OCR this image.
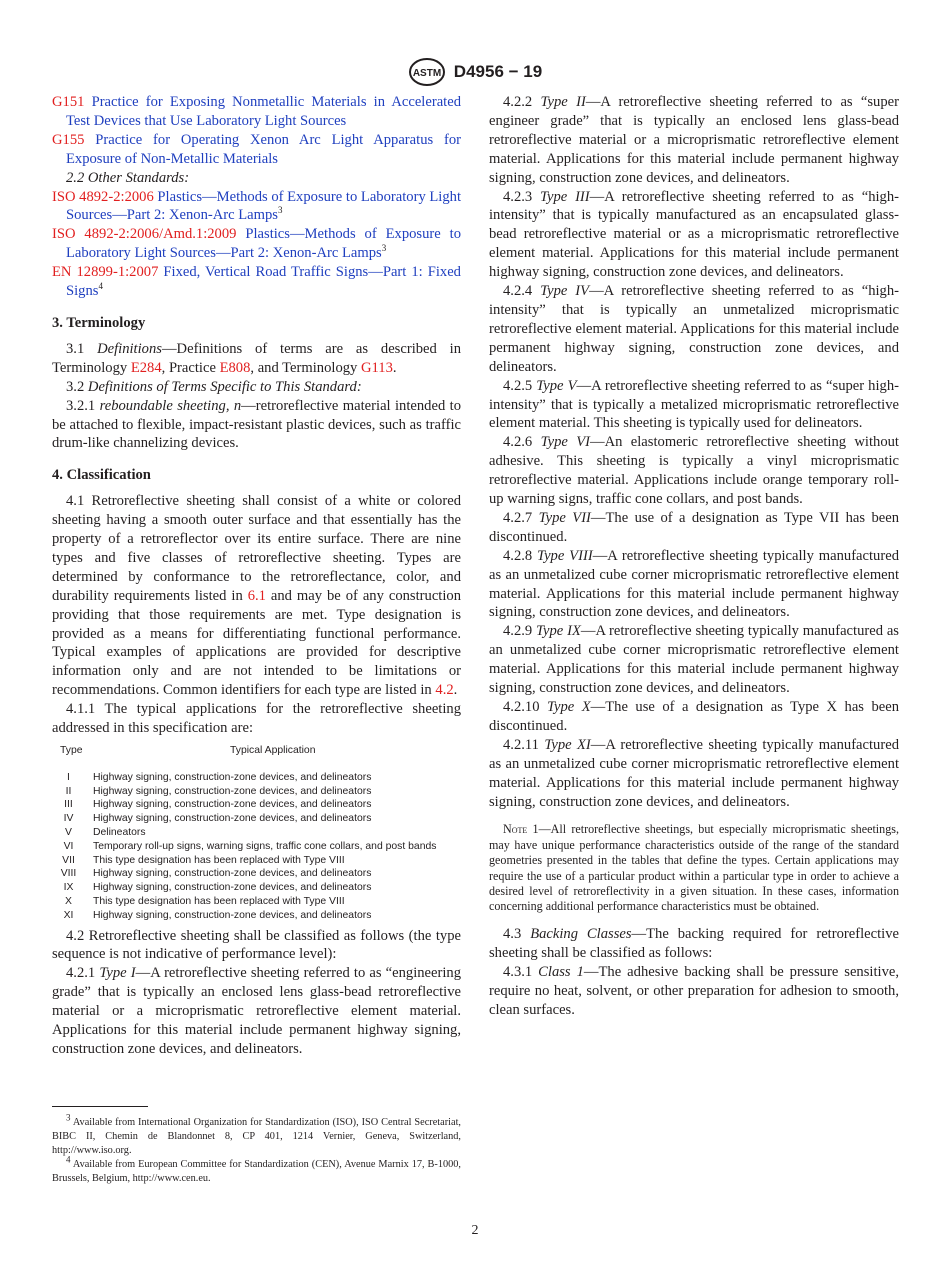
ASTM D4956 − 19

G151 Practice for Exposing Nonmetallic Materials in Accelerated Test Devices that Use Laboratory Light Sources

G155 Practice for Operating Xenon Arc Light Apparatus for Exposure of Non-Metallic Materials

2.2 Other Standards:

ISO 4892-2:2006 Plastics—Methods of Exposure to Laboratory Light Sources—Part 2: Xenon-Arc Lamps$^3$

ISO 4892-2:2006/Amd.1:2009 Plastics—Methods of Exposure to Laboratory Light Sources—Part 2: Xenon-Arc Lamps$^3$

EN 12899-1:2007 Fixed, Vertical Road Traffic Signs—Part 1: Fixed Signs$^4$

3. Terminology

3.1 Definitions—Definitions of terms are as described in Terminology E284, Practice E808, and Terminology G113.

3.2 Definitions of Terms Specific to This Standard:

3.2.1 reboundable sheeting, n—retroreflective material intended to be attached to flexible, impact-resistant plastic devices, such as traffic drum-like channelizing devices.

4. Classification

4.1 Retroreflective sheeting shall consist of a white or colored sheeting having a smooth outer surface and that essentially has the property of a retroreflector over its entire surface. There are nine types and five classes of retroreflective sheeting. Types are determined by conformance to the retroreflectance, color, and durability requirements listed in 6.1 and may be of any construction providing that those requirements are met. Type designation is provided as a means for differentiating functional performance. Typical examples of applications are provided for descriptive information only and are not intended to be limitations or recommendations. Common identifiers for each type are listed in 4.2.

4.1.1 The typical applications for the retroreflective sheeting addressed in this specification are:

Type	Typical Application
I	Highway signing, construction-zone devices, and delineators
II	Highway signing, construction-zone devices, and delineators
III	Highway signing, construction-zone devices, and delineators
IV	Highway signing, construction-zone devices, and delineators
V	Delineators
VI	Temporary roll-up signs, warning signs, traffic cone collars, and post bands
VII	This type designation has been replaced with Type VIII
VIII	Highway signing, construction-zone devices, and delineators
IX	Highway signing, construction-zone devices, and delineators
X	This type designation has been replaced with Type VIII
XI	Highway signing, construction-zone devices, and delineators

4.2 Retroreflective sheeting shall be classified as follows (the type sequence is not indicative of performance level):

4.2.1 Type I—A retroreflective sheeting referred to as “engineering grade” that is typically an enclosed lens glass-bead retroreflective material or a microprismatic retroreflective element material. Applications for this material include permanent highway signing, construction zone devices, and delineators.

4.2.2 Type II—A retroreflective sheeting referred to as “super engineer grade” that is typically an enclosed lens glass-bead retroreflective material or a microprismatic retroreflective element material. Applications for this material include permanent highway signing, construction zone devices, and delineators.

4.2.3 Type III—A retroreflective sheeting referred to as “high-intensity” that is typically manufactured as an encapsulated glass-bead retroreflective material or as a microprismatic retroreflective element material. Applications for this material include permanent highway signing, construction zone devices, and delineators.

4.2.4 Type IV—A retroreflective sheeting referred to as “high-intensity” that is typically an unmetalized microprismatic retroreflective element material. Applications for this material include permanent highway signing, construction zone devices, and delineators.

4.2.5 Type V—A retroreflective sheeting referred to as “super high-intensity” that is typically a metalized microprismatic retroreflective element material. This sheeting is typically used for delineators.

4.2.6 Type VI—An elastomeric retroreflective sheeting without adhesive. This sheeting is typically a vinyl microprismatic retroreflective material. Applications include orange temporary roll-up warning signs, traffic cone collars, and post bands.

4.2.7 Type VII—The use of a designation as Type VII has been discontinued.

4.2.8 Type VIII—A retroreflective sheeting typically manufactured as an unmetalized cube corner microprismatic retroreflective element material. Applications for this material include permanent highway signing, construction zone devices, and delineators.

4.2.9 Type IX—A retroreflective sheeting typically manufactured as an unmetalized cube corner microprismatic retroreflective element material. Applications for this material include permanent highway signing, construction zone devices, and delineators.

4.2.10 Type X—The use of a designation as Type X has been discontinued.

4.2.11 Type XI—A retroreflective sheeting typically manufactured as an unmetalized cube corner microprismatic retroreflective element material. Applications for this material include permanent highway signing, construction zone devices, and delineators.

Note 1—All retroreflective sheetings, but especially microprismatic sheetings, may have unique performance characteristics outside of the range of the standard geometries presented in the tables that define the types. Certain applications may require the use of a particular product within a particular type in order to achieve a desired level of retroreflectivity in a given situation. In these cases, information concerning additional performance characteristics must be obtained.

4.3 Backing Classes—The backing required for retroreflective sheeting shall be classified as follows:

4.3.1 Class 1—The adhesive backing shall be pressure sensitive, require no heat, solvent, or other preparation for adhesion to smooth, clean surfaces.

$^3$ Available from International Organization for Standardization (ISO), ISO Central Secretariat, BIBC II, Chemin de Blandonnet 8, CP 401, 1214 Vernier, Geneva, Switzerland, http://www.iso.org.

$^4$ Available from European Committee for Standardization (CEN), Avenue Marnix 17, B-1000, Brussels, Belgium, http://www.cen.eu.

2
